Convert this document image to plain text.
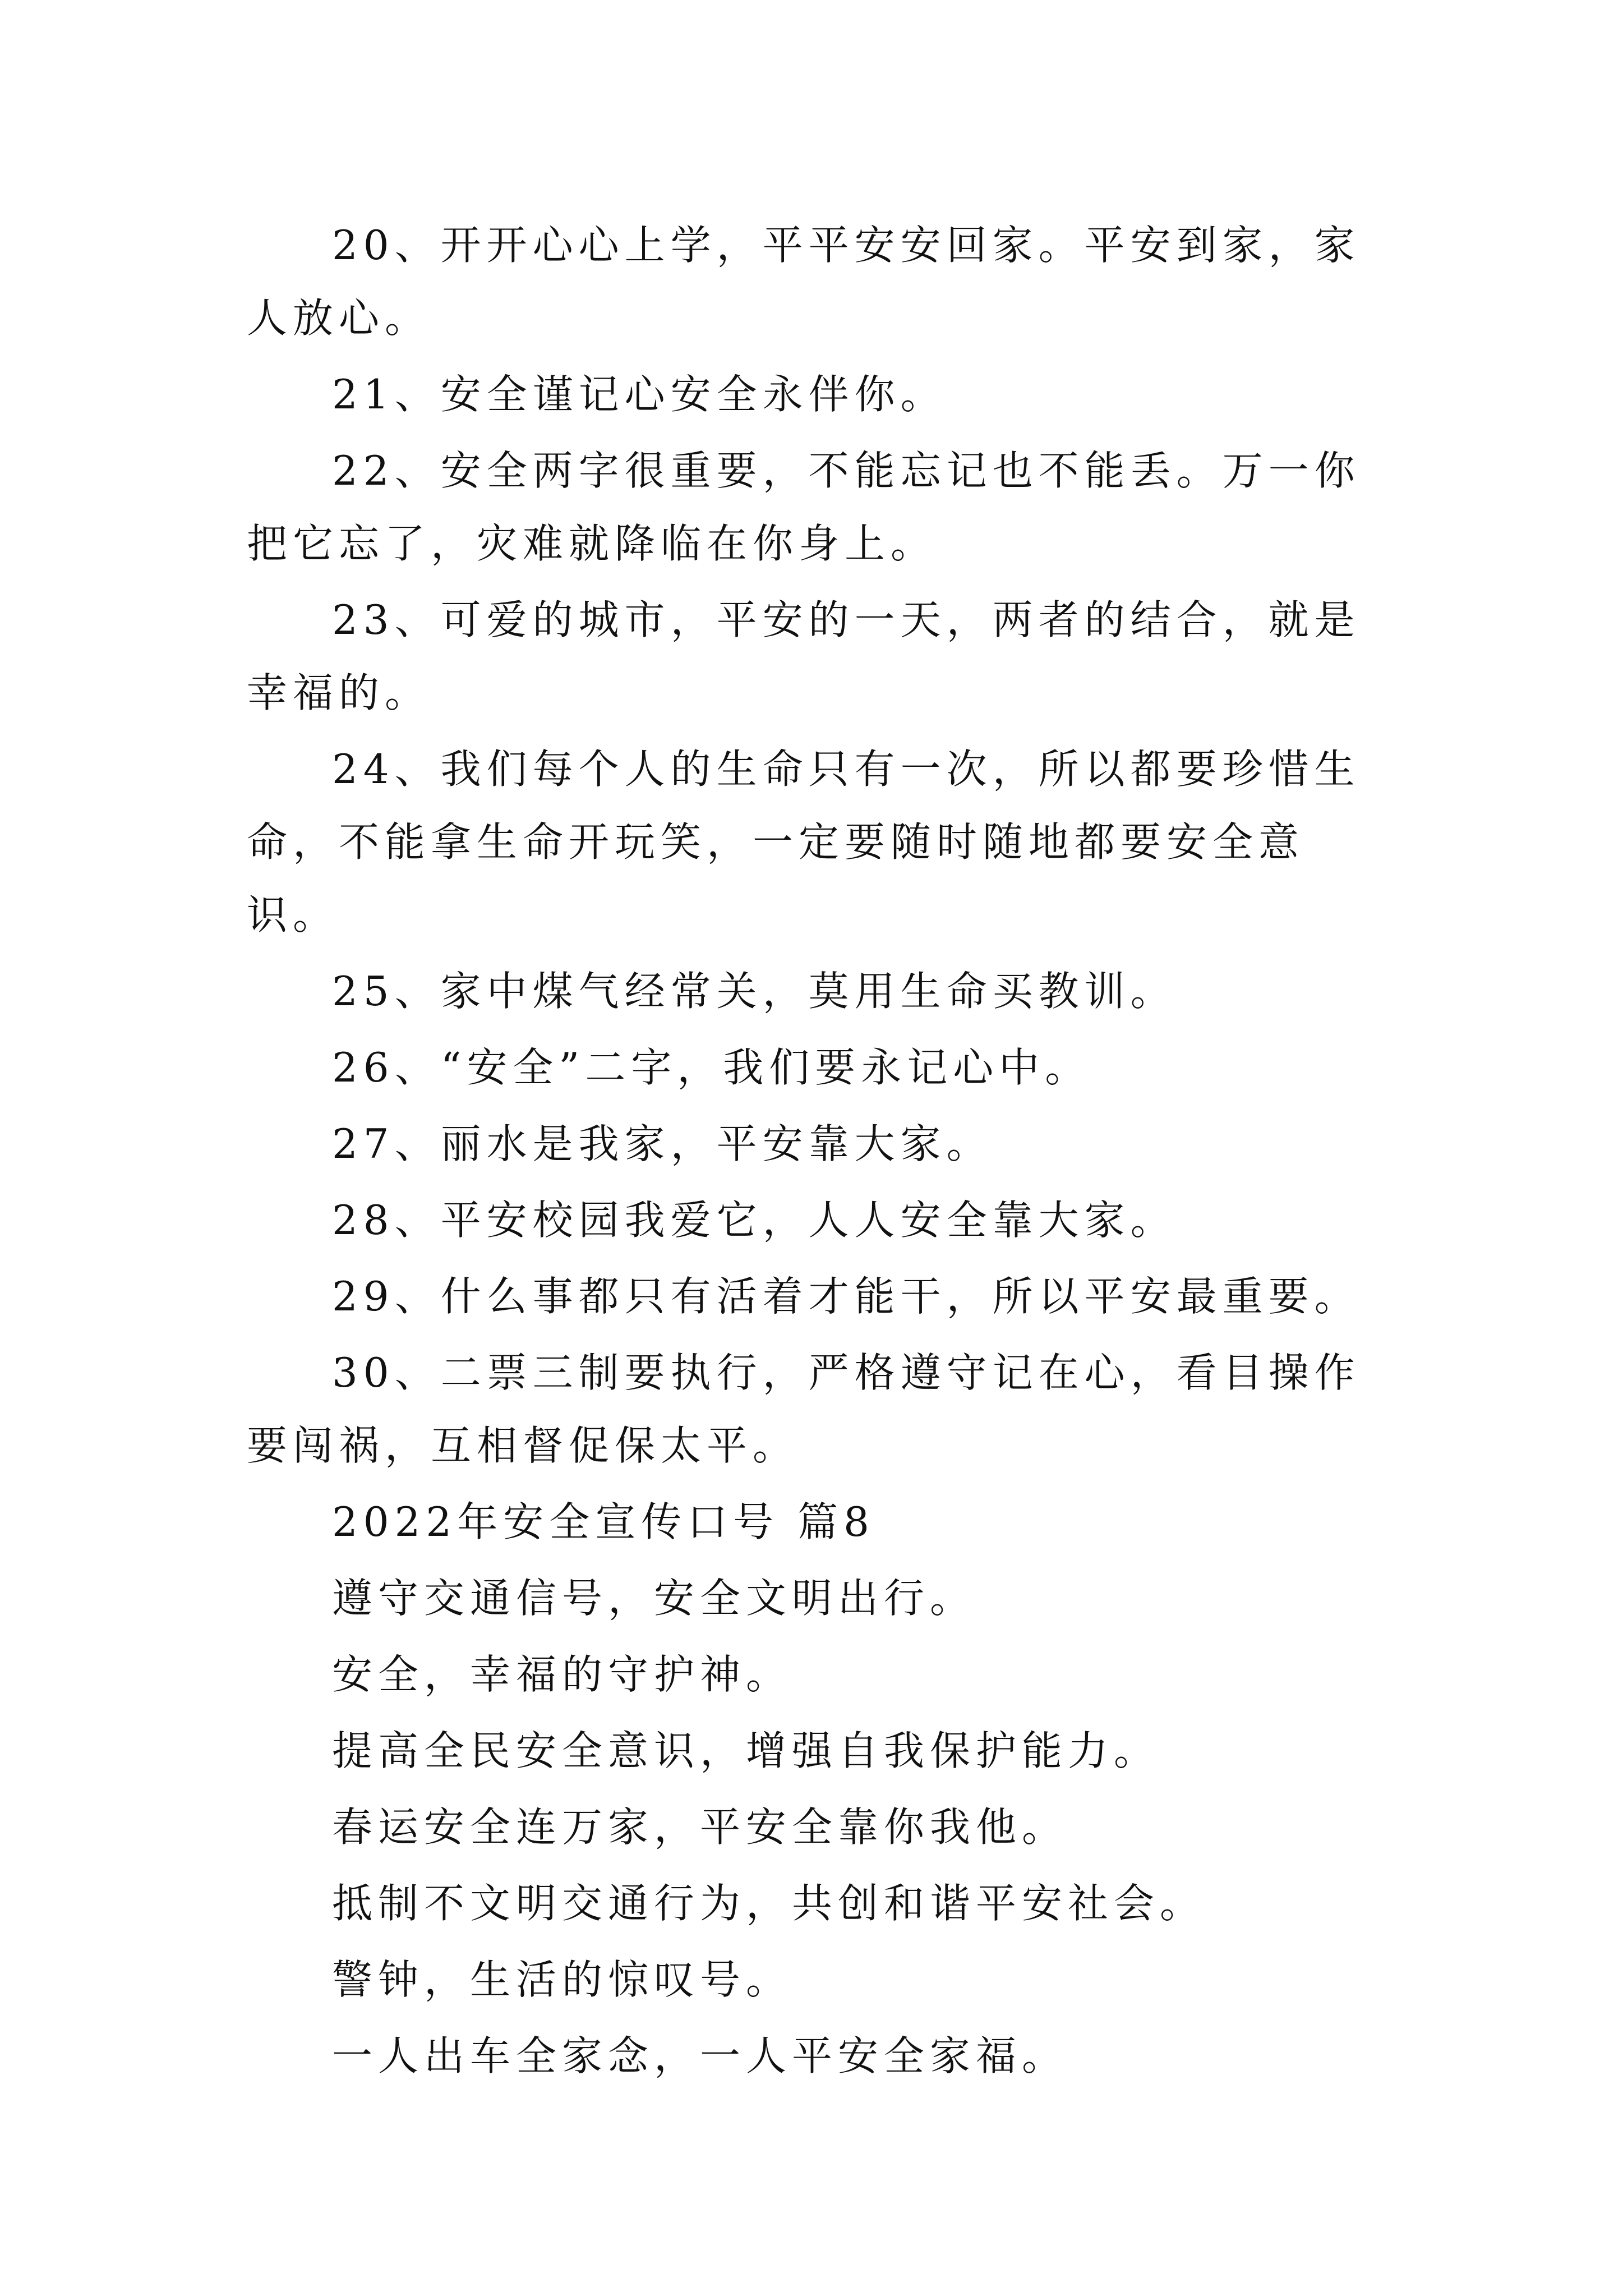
20、开开心心上学，平平安安回家。平安到家，家人放心。

21、安全谨记心安全永伴你。

22、安全两字很重要，不能忘记也不能丢。万一你把它忘了，灾难就降临在你身上。

23、可爱的城市，平安的一天，两者的结合，就是幸福的。

24、我们每个人的生命只有一次，所以都要珍惜生命，不能拿生命开玩笑，一定要随时随地都要安全意识。

25、家中煤气经常关，莫用生命买教训。

26、“安全”二字，我们要永记心中。

27、丽水是我家，平安靠大家。

28、平安校园我爱它，人人安全靠大家。

29、什么事都只有活着才能干，所以平安最重要。

30、二票三制要执行，严格遵守记在心，看目操作要闯祸，互相督促保太平。

2022年安全宣传口号 篇8

遵守交通信号，安全文明出行。

安全，幸福的守护神。

提高全民安全意识，增强自我保护能力。

春运安全连万家，平安全靠你我他。

抵制不文明交通行为，共创和谐平安社会。

警钟，生活的惊叹号。

一人出车全家念，一人平安全家福。
